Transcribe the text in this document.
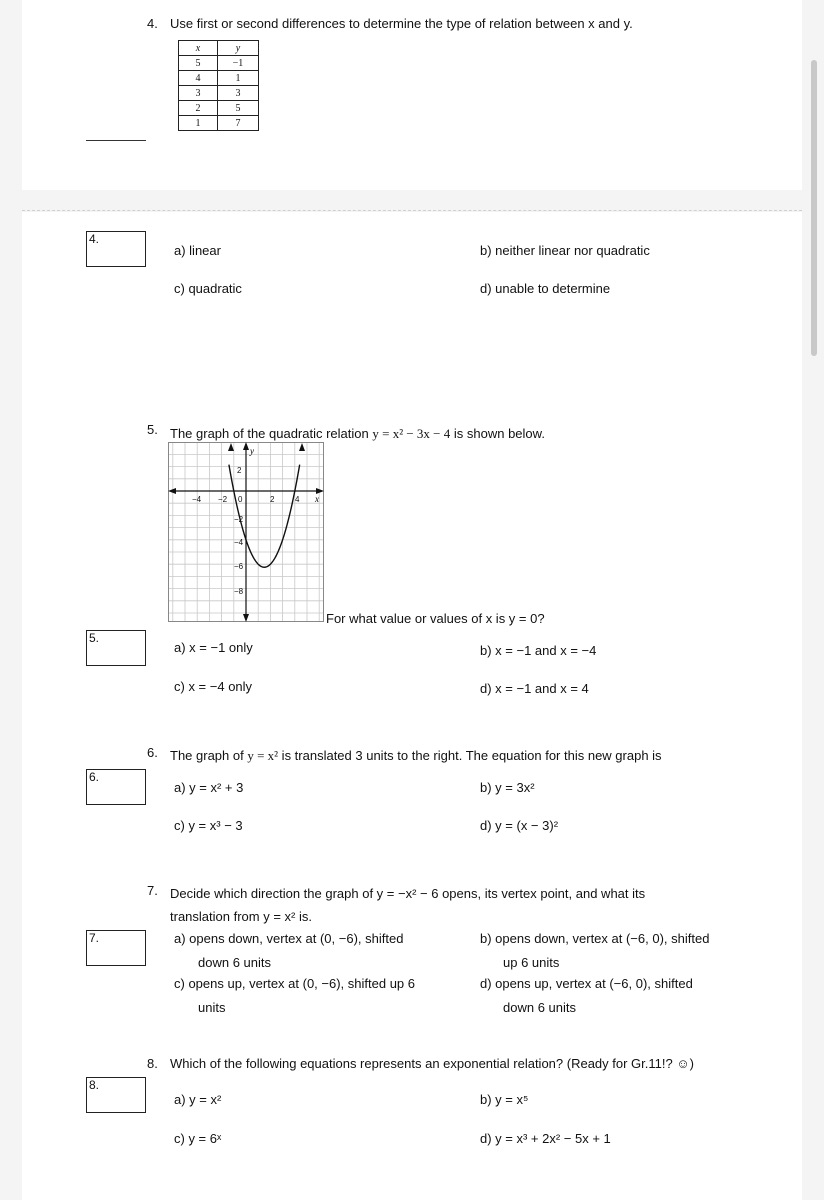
4. Use first or second differences to determine the type of relation between x and y.
x	y
5	−1
4	1
3	3
2	5
1	7
4.
a) linear	b) neither linear nor quadratic
c) quadratic	d) unable to determine
5. The graph of the quadratic relation y = x² − 3x − 4 is shown below.
y
x
−4 −2 0	2	4
2
−2
−4
−6
−8
For what value or values of x is y = 0?
5.
a) x = −1 only	b) x = −1 and x = −4
c) x = −4 only	d) x = −1 and x = 4
6. The graph of y = x² is translated 3 units to the right. The equation for this new graph is
6.
a) y = x² + 3	b) y = 3x²
c) y = x³ − 3	d) y = (x − 3)²
7. Decide which direction the graph of y = −x² − 6 opens, its vertex point, and what its
translation from y = x² is.
7.	a) opens down, vertex at (0, −6), shifted
down 6 units
b) opens down, vertex at (−6, 0), shifted
up 6 units
c) opens up, vertex at (0, −6), shifted up 6
units
d) opens up, vertex at (−6, 0), shifted
down 6 units
8. Which of the following equations represents an exponential relation? (Ready for Gr.11!? ☺)
8.
a) y = x²	b) y = x⁵
c) y = 6ˣ	d) y = x³ + 2x² − 5x + 1
